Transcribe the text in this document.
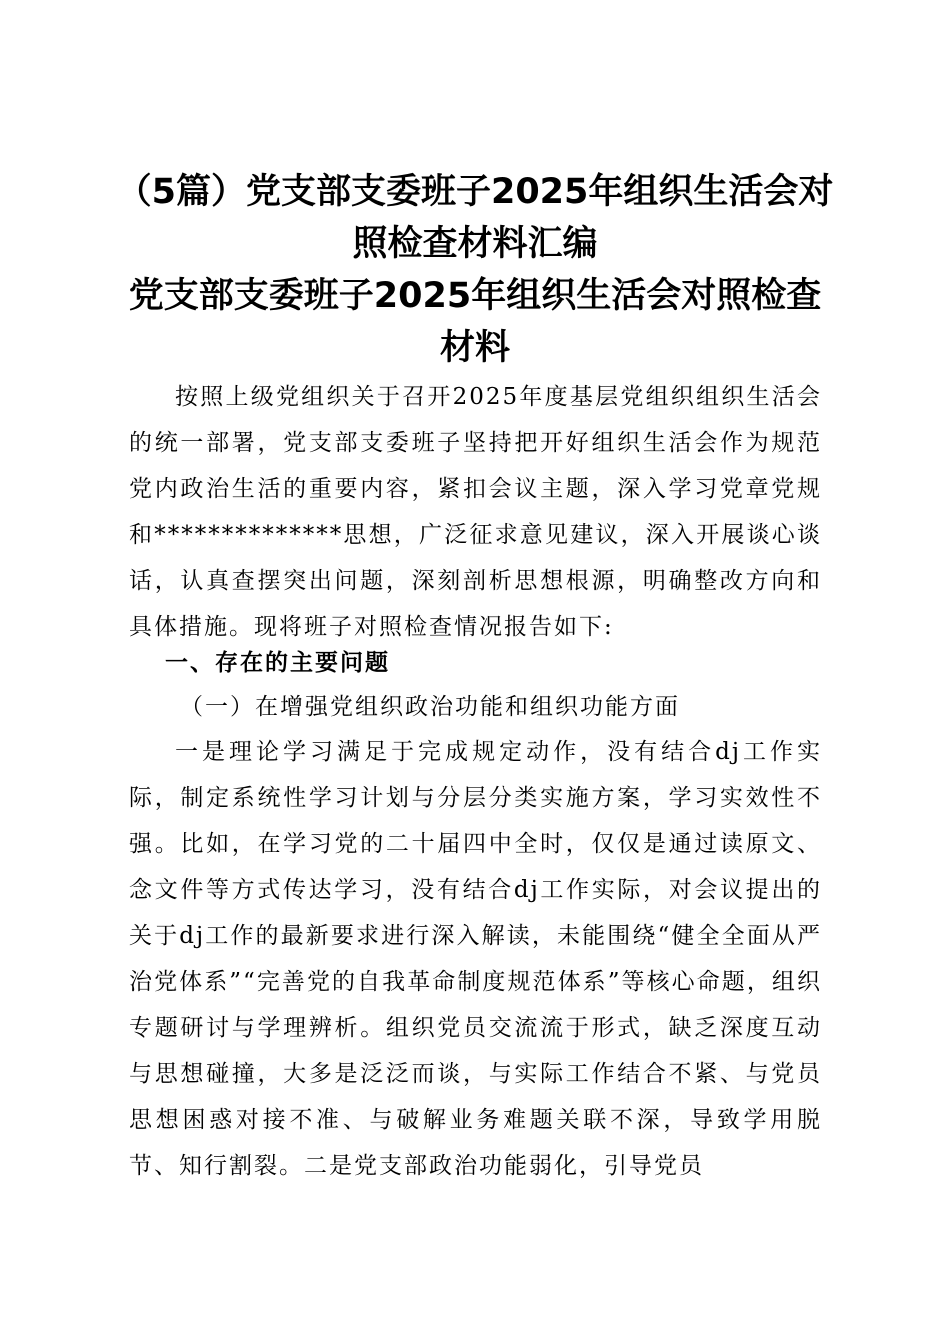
（5篇）党支部支委班子2025年组织生活会对
照检查材料汇编
党支部支委班子2025年组织生活会对照检查
材料

按照上级党组织关于召开2025年度基层党组织组织生活会的统一部署，党支部支委班子坚持把开好组织生活会作为规范党内政治生活的重要内容，紧扣会议主题，深入学习党章党规和**************思想，广泛征求意见建议，深入开展谈心谈话，认真查摆突出问题，深刻剖析思想根源，明确整改方向和具体措施。现将班子对照检查情况报告如下:

一、存在的主要问题
（一）在增强党组织政治功能和组织功能方面

一是理论学习满足于完成规定动作，没有结合dj工作实际，制定系统性学习计划与分层分类实施方案，学习实效性不强。比如，在学习党的二十届四中全时，仅仅是通过读原文、念文件等方式传达学习，没有结合dj工作实际，对会议提出的关于dj工作的最新要求进行深入解读，未能围绕“健全全面从严治党体系”“完善党的自我革命制度规范体系”等核心命题，组织专题研讨与学理辨析。组织党员交流流于形式，缺乏深度互动与思想碰撞，大多是泛泛而谈，与实际工作结合不紧、与党员思想困惑对接不准、与破解业务难题关联不深，导致学用脱节、知行割裂。二是党支部政治功能弱化，引导党员
